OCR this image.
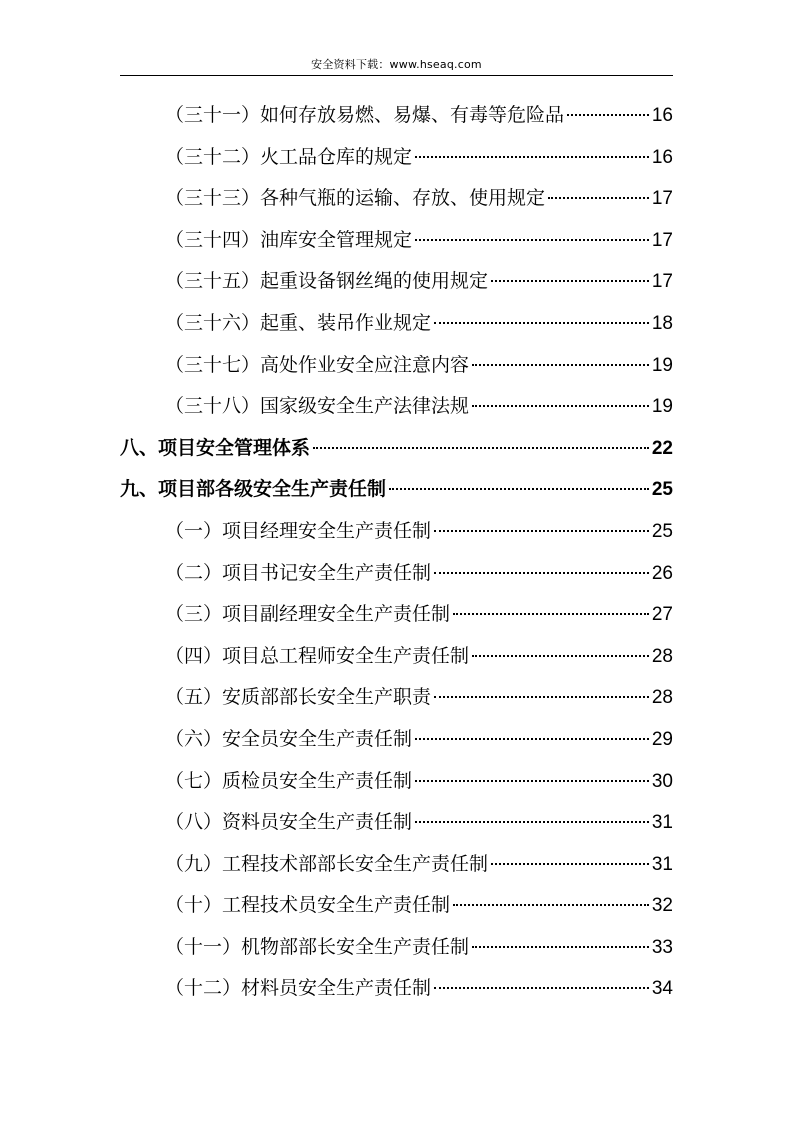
安全资料下载：www.hseaq.com
（三十一）如何存放易燃、易爆、有毒等危险品	16
（三十二）火工品仓库的规定	16
（三十三）各种气瓶的运输、存放、使用规定	17
（三十四）油库安全管理规定	17
（三十五）起重设备钢丝绳的使用规定	17
（三十六）起重、装吊作业规定	18
（三十七）高处作业安全应注意内容	19
（三十八）国家级安全生产法律法规	19
八、项目安全管理体系	22
九、项目部各级安全生产责任制	25
（一）项目经理安全生产责任制	25
（二）项目书记安全生产责任制	26
（三）项目副经理安全生产责任制	27
（四）项目总工程师安全生产责任制	28
（五）安质部部长安全生产职责	28
（六）安全员安全生产责任制	29
（七）质检员安全生产责任制	30
（八）资料员安全生产责任制	31
（九）工程技术部部长安全生产责任制	31
（十）工程技术员安全生产责任制	32
（十一）机物部部长安全生产责任制	33
（十二）材料员安全生产责任制	34
